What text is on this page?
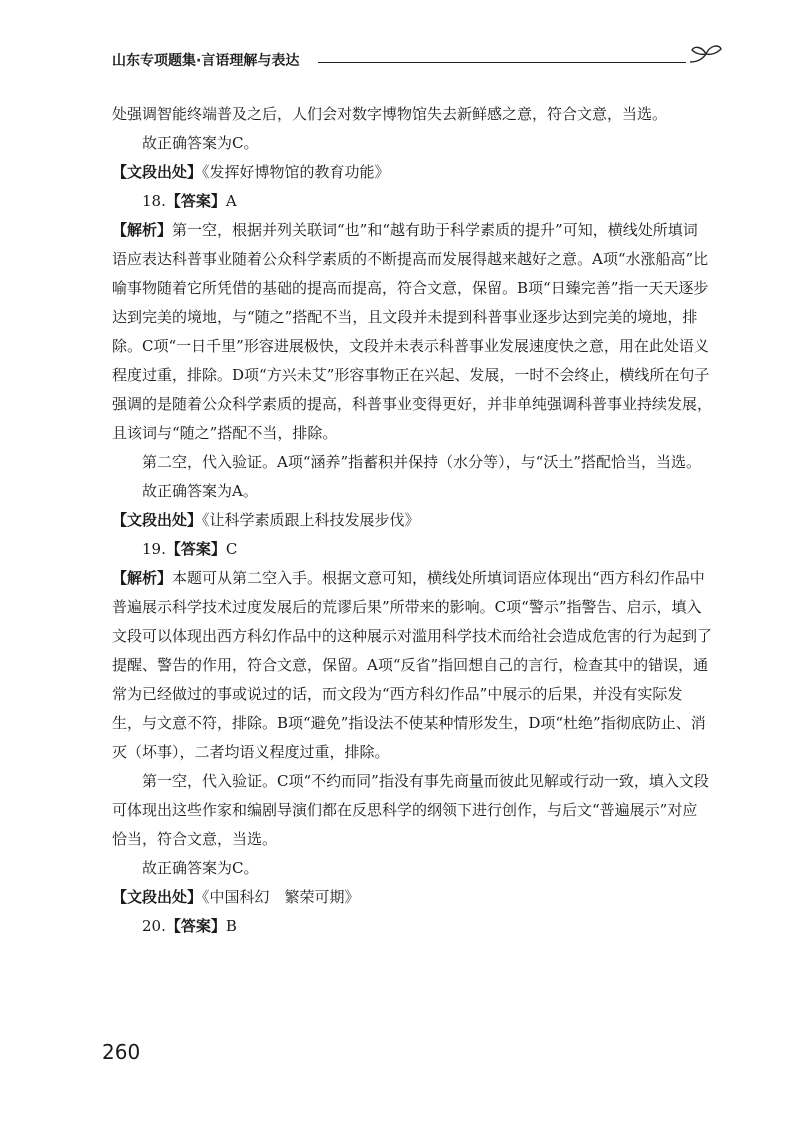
山东专项题集·言语理解与表达

处强调智能终端普及之后，人们会对数字博物馆失去新鲜感之意，符合文意，当选。

故正确答案为C。

【文段出处】《发挥好博物馆的教育功能》

18.【答案】A

【解析】第一空，根据并列关联词“也”和“越有助于科学素质的提升”可知，横线处所填词语应表达科普事业随着公众科学素质的不断提高而发展得越来越好之意。A项“水涨船高”比喻事物随着它所凭借的基础的提高而提高，符合文意，保留。B项“日臻完善”指一天天逐步达到完美的境地，与“随之”搭配不当，且文段并未提到科普事业逐步达到完美的境地，排除。C项“一日千里”形容进展极快，文段并未表示科普事业发展速度快之意，用在此处语义程度过重，排除。D项“方兴未艾”形容事物正在兴起、发展，一时不会终止，横线所在句子强调的是随着公众科学素质的提高，科普事业变得更好，并非单纯强调科普事业持续发展，且该词与“随之”搭配不当，排除。

第二空，代入验证。A项“涵养”指蓄积并保持（水分等），与“沃土”搭配恰当，当选。

故正确答案为A。

【文段出处】《让科学素质跟上科技发展步伐》

19.【答案】C

【解析】本题可从第二空入手。根据文意可知，横线处所填词语应体现出“西方科幻作品中普遍展示科学技术过度发展后的荒谬后果”所带来的影响。C项“警示”指警告、启示，填入文段可以体现出西方科幻作品中的这种展示对滥用科学技术而给社会造成危害的行为起到了提醒、警告的作用，符合文意，保留。A项“反省”指回想自己的言行，检查其中的错误，通常为已经做过的事或说过的话，而文段为“西方科幻作品”中展示的后果，并没有实际发生，与文意不符，排除。B项“避免”指设法不使某种情形发生，D项“杜绝”指彻底防止、消灭（坏事），二者均语义程度过重，排除。

第一空，代入验证。C项“不约而同”指没有事先商量而彼此见解或行动一致，填入文段可体现出这些作家和编剧导演们都在反思科学的纲领下进行创作，与后文“普遍展示”对应恰当，符合文意，当选。

故正确答案为C。

【文段出处】《中国科幻　繁荣可期》

20.【答案】B

260
